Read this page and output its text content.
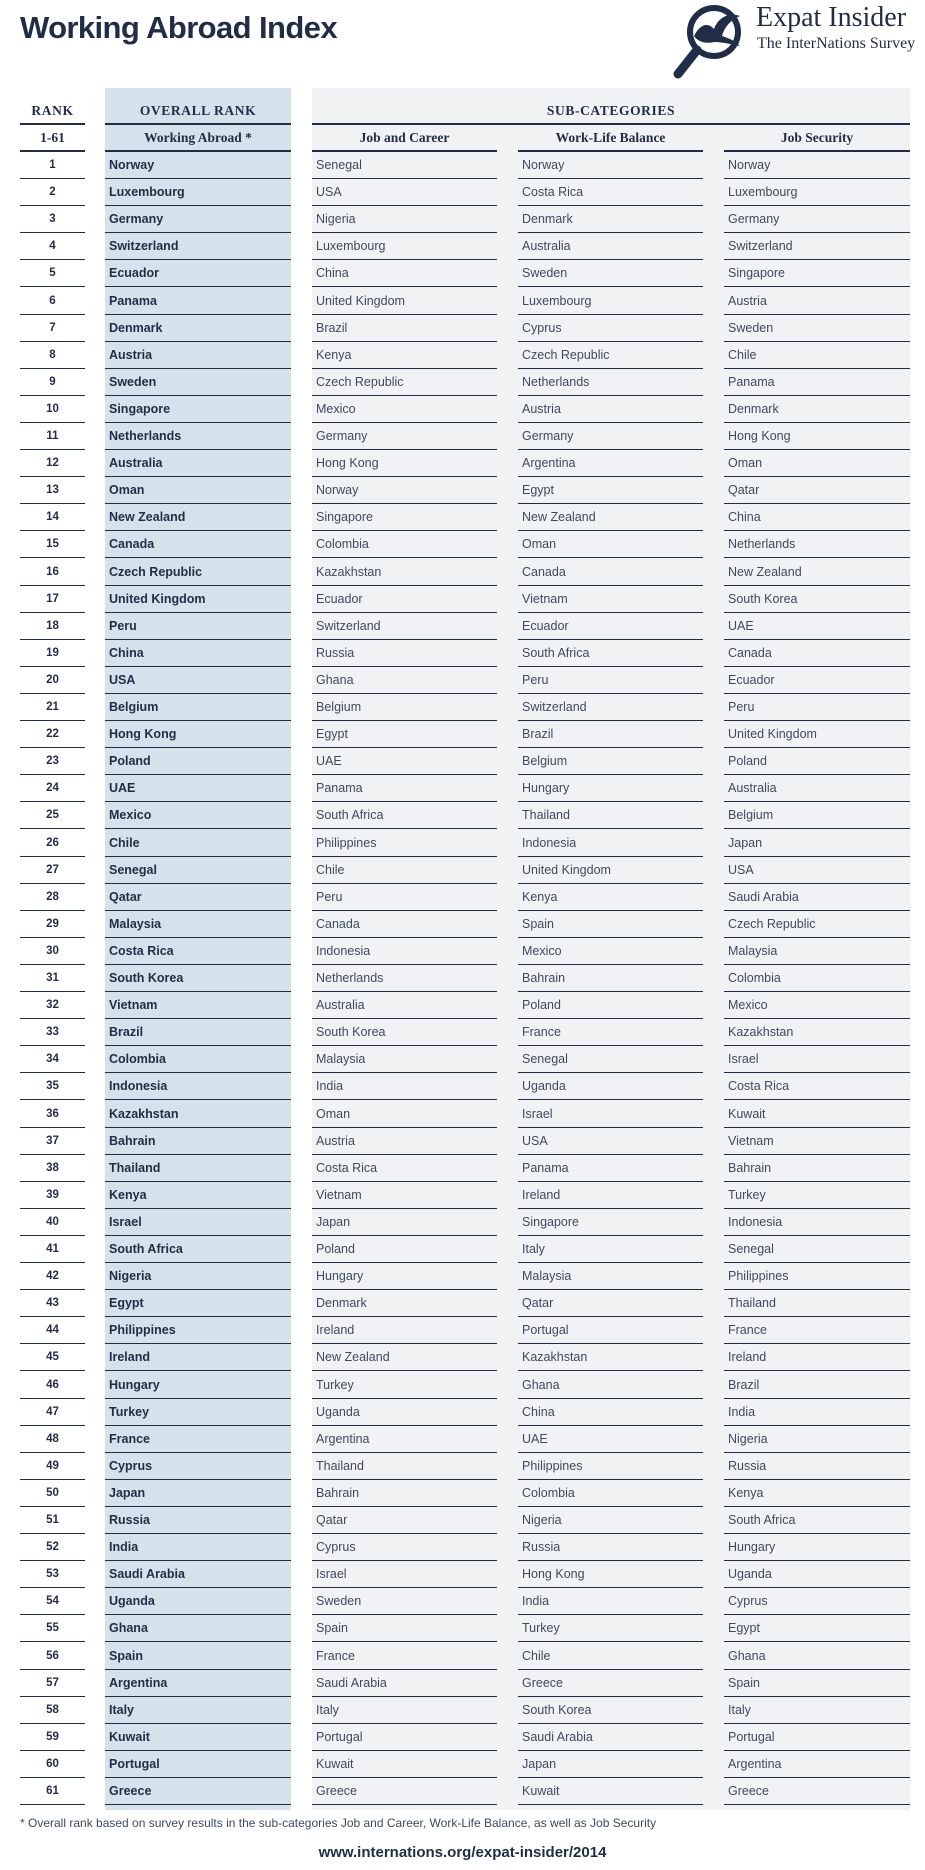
Working Abroad Index	Expat Insider
The InterNations Survey
RANK	OVERALL RANK	SUB-CATEGORIES
1-61	Working Abroad *	Job and Career	Work-Life Balance	Job Security
1	Norway	Senegal	Norway	Norway
2	Luxembourg	USA	Costa Rica	Luxembourg
3	Germany	Nigeria	Denmark	Germany
4	Switzerland	Luxembourg	Australia	Switzerland
5	Ecuador	China	Sweden	Singapore
6	Panama	United Kingdom	Luxembourg	Austria
7	Denmark	Brazil	Cyprus	Sweden
8	Austria	Kenya	Czech Republic	Chile
9	Sweden	Czech Republic	Netherlands	Panama
10	Singapore	Mexico	Austria	Denmark
11	Netherlands	Germany	Germany	Hong Kong
12	Australia	Hong Kong	Argentina	Oman
13	Oman	Norway	Egypt	Qatar
14	New Zealand	Singapore	New Zealand	China
15	Canada	Colombia	Oman	Netherlands
16	Czech Republic	Kazakhstan	Canada	New Zealand
17	United Kingdom	Ecuador	Vietnam	South Korea
18	Peru	Switzerland	Ecuador	UAE
19	China	Russia	South Africa	Canada
20	USA	Ghana	Peru	Ecuador
21	Belgium	Belgium	Switzerland	Peru
22	Hong Kong	Egypt	Brazil	United Kingdom
23	Poland	UAE	Belgium	Poland
24	UAE	Panama	Hungary	Australia
25	Mexico	South Africa	Thailand	Belgium
26	Chile	Philippines	Indonesia	Japan
27	Senegal	Chile	United Kingdom	USA
28	Qatar	Peru	Kenya	Saudi Arabia
29	Malaysia	Canada	Spain	Czech Republic
30	Costa Rica	Indonesia	Mexico	Malaysia
31	South Korea	Netherlands	Bahrain	Colombia
32	Vietnam	Australia	Poland	Mexico
33	Brazil	South Korea	France	Kazakhstan
34	Colombia	Malaysia	Senegal	Israel
35	Indonesia	India	Uganda	Costa Rica
36	Kazakhstan	Oman	Israel	Kuwait
37	Bahrain	Austria	USA	Vietnam
38	Thailand	Costa Rica	Panama	Bahrain
39	Kenya	Vietnam	Ireland	Turkey
40	Israel	Japan	Singapore	Indonesia
41	South Africa	Poland	Italy	Senegal
42	Nigeria	Hungary	Malaysia	Philippines
43	Egypt	Denmark	Qatar	Thailand
44	Philippines	Ireland	Portugal	France
45	Ireland	New Zealand	Kazakhstan	Ireland
46	Hungary	Turkey	Ghana	Brazil
47	Turkey	Uganda	China	India
48	France	Argentina	UAE	Nigeria
49	Cyprus	Thailand	Philippines	Russia
50	Japan	Bahrain	Colombia	Kenya
51	Russia	Qatar	Nigeria	South Africa
52	India	Cyprus	Russia	Hungary
53	Saudi Arabia	Israel	Hong Kong	Uganda
54	Uganda	Sweden	India	Cyprus
55	Ghana	Spain	Turkey	Egypt
56	Spain	France	Chile	Ghana
57	Argentina	Saudi Arabia	Greece	Spain
58	Italy	Italy	South Korea	Italy
59	Kuwait	Portugal	Saudi Arabia	Portugal
60	Portugal	Kuwait	Japan	Argentina
61	Greece	Greece	Kuwait	Greece
* Overall rank based on survey results in the sub-categories Job and Career, Work-Life Balance, as well as Job Security
www.internations.org/expat-insider/2014
